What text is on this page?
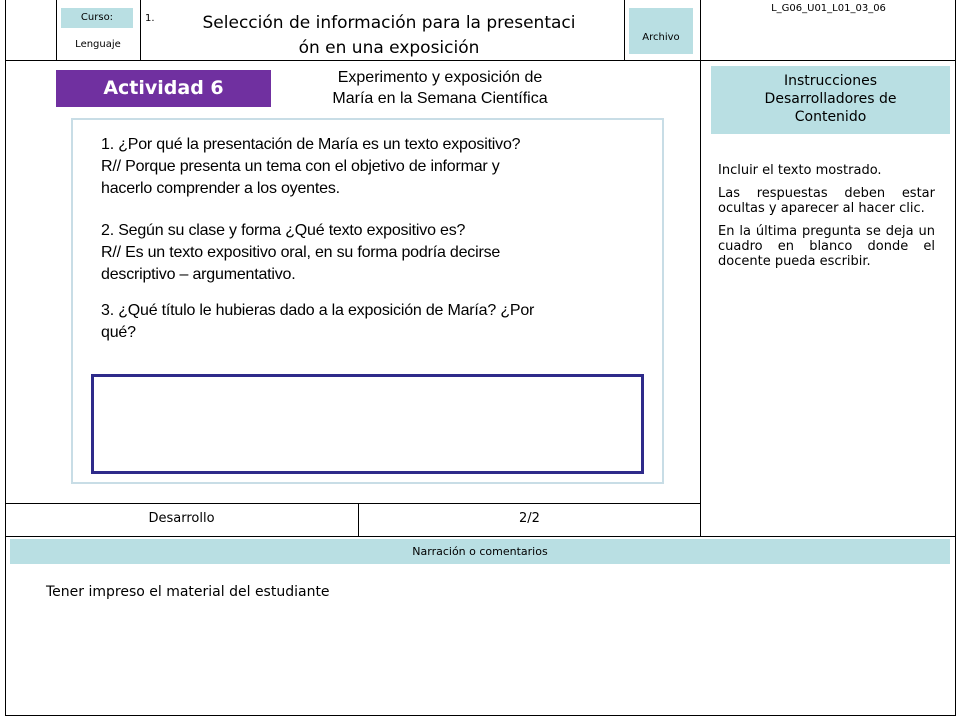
Curso:
Lenguaje
1.	Selección de información para la presentaci
ón en una exposición
Archivo
L_G06_U01_L01_03_06
Actividad 6	Experimento y exposición de
María en la Semana Científica
1. ¿Por qué la presentación de María es un texto expositivo?
R// Porque presenta un tema con el objetivo de informar y
hacerlo comprender a los oyentes.
2. Según su clase y forma ¿Qué texto expositivo es?
R// Es un texto expositivo oral, en su forma podría decirse
descriptivo – argumentativo.
3. ¿Qué título le hubieras dado a la exposición de María? ¿Por
qué?
Instrucciones Desarrolladores de Contenido

Incluir el texto mostrado.

Las respuestas deben estar ocultas y aparecer al hacer clic.

En la última pregunta se deja un cuadro en blanco donde el docente pueda escribir.

Desarrollo	2/2
Narración o comentarios
Tener impreso el material del estudiante
